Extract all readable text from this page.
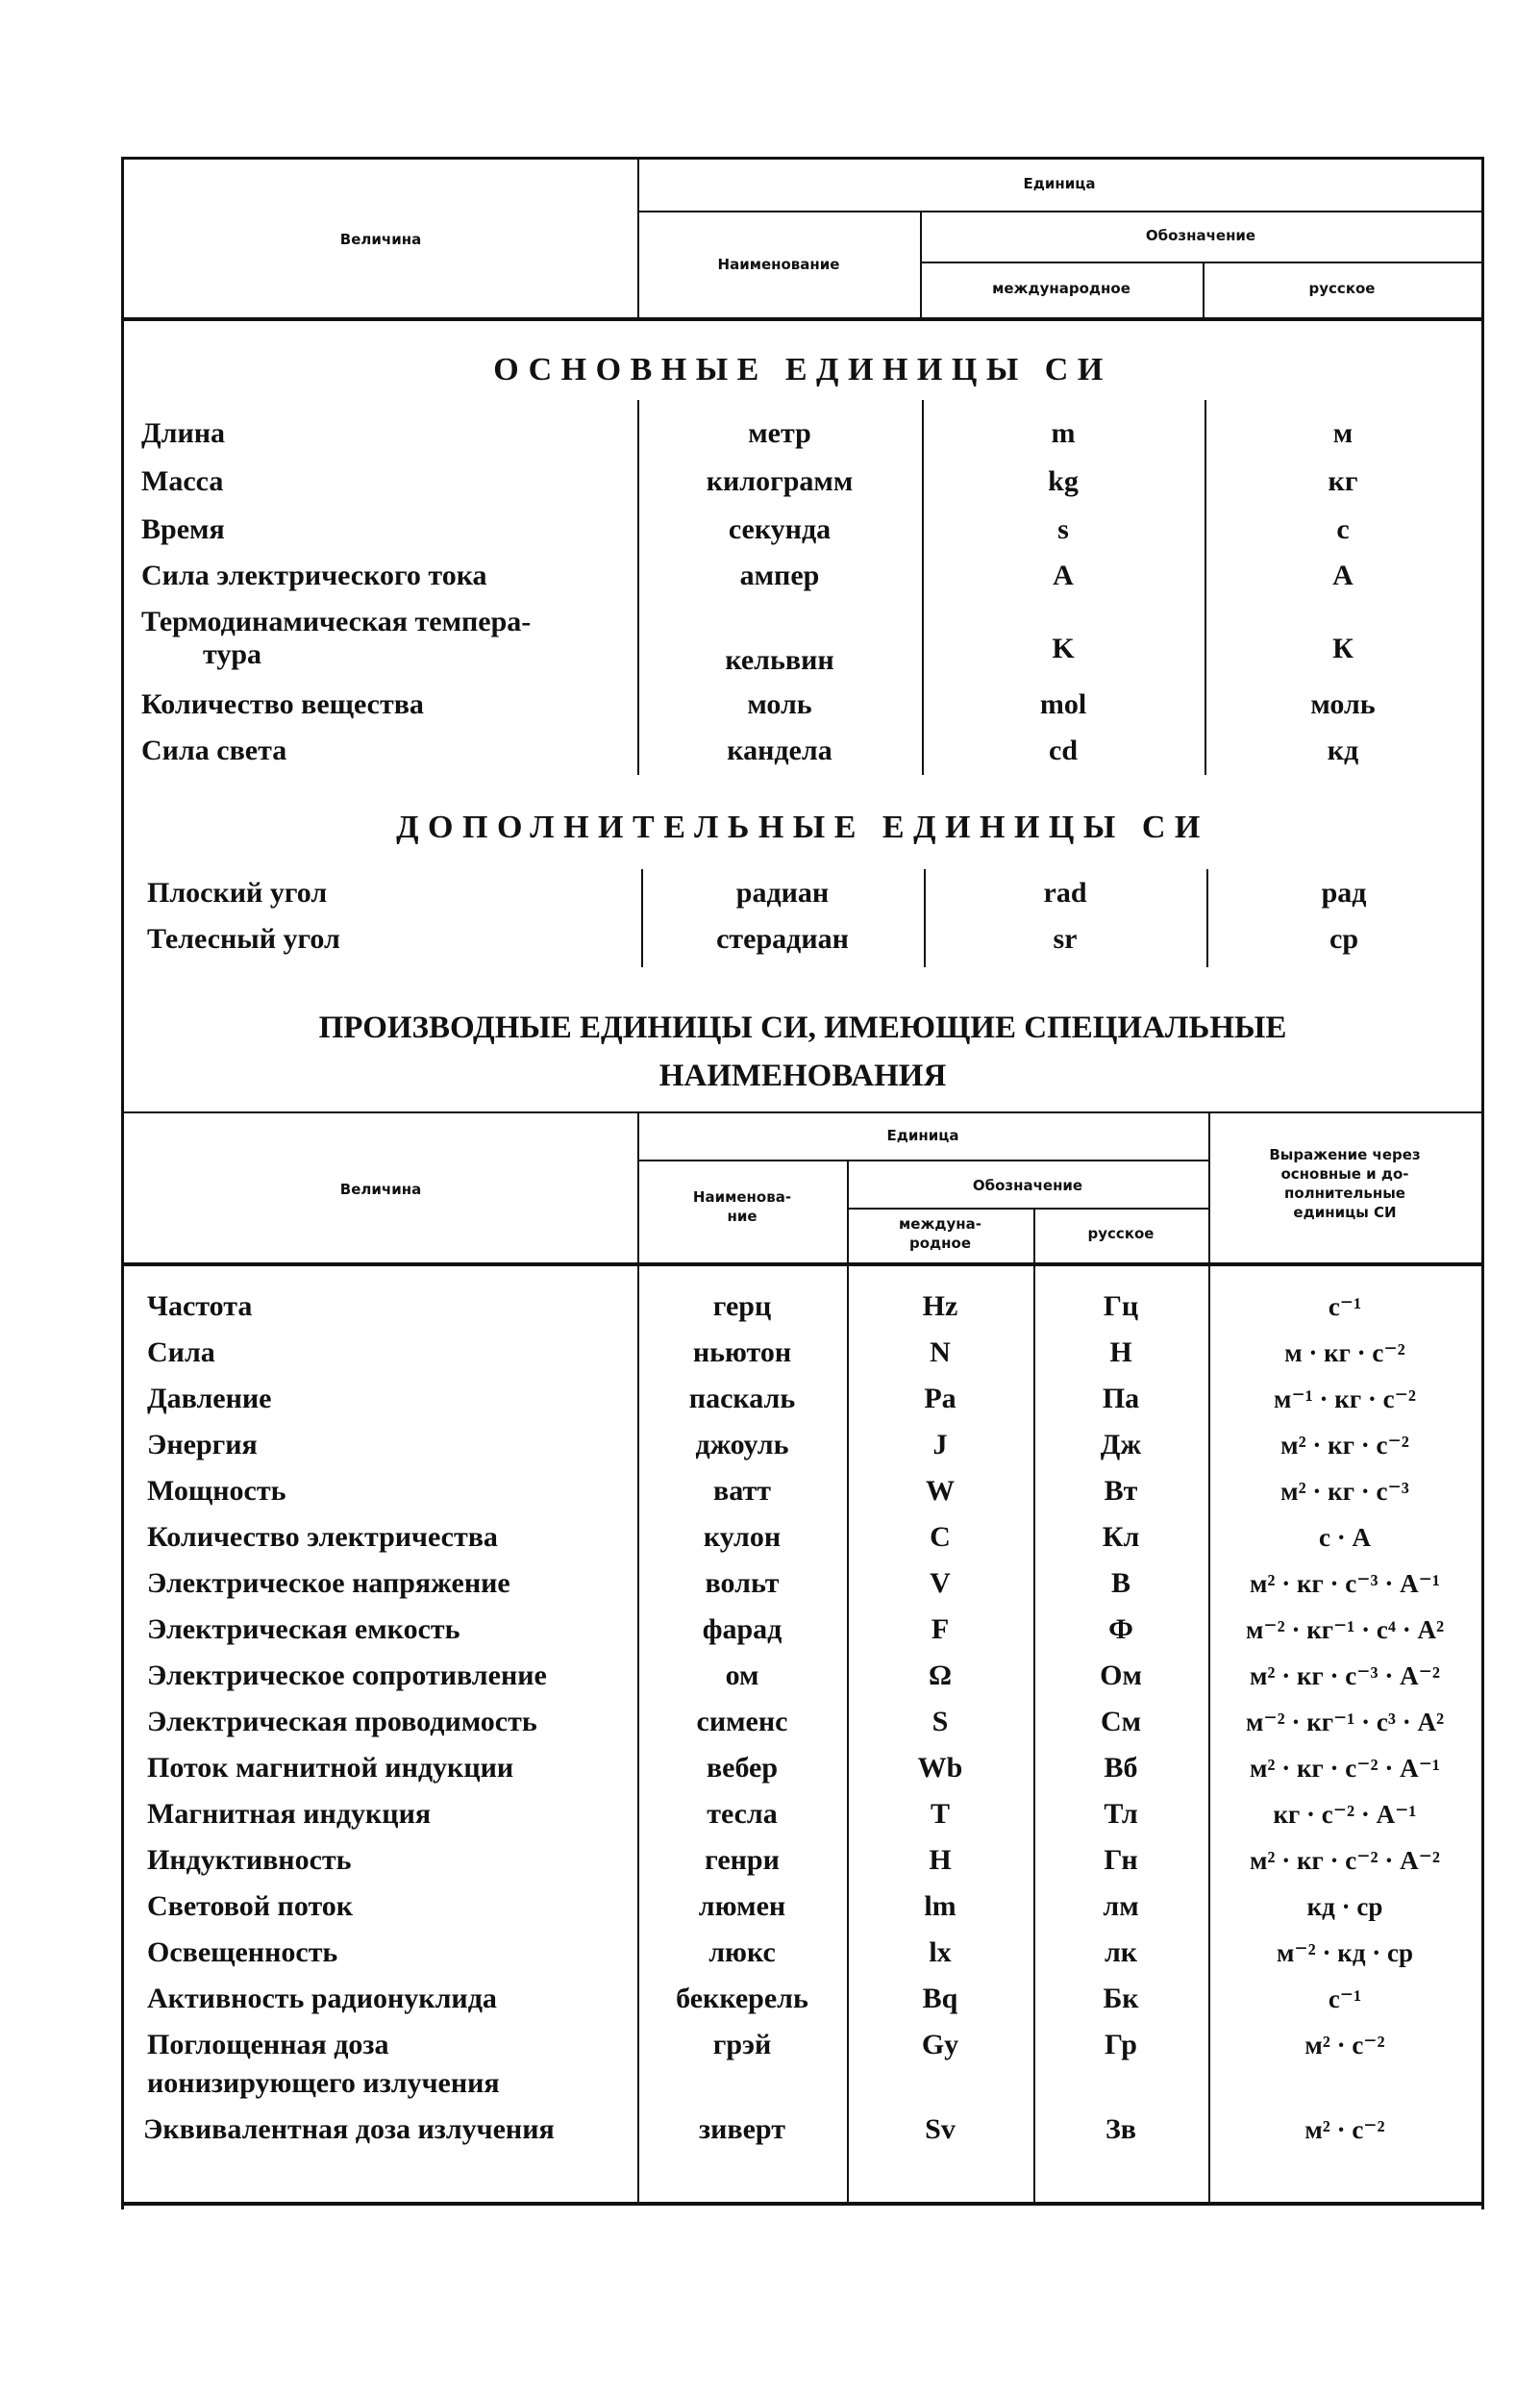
Величина
Единица
Наименование
Обозначение
международное	русское
ОСНОВНЫЕ ЕДИНИЦЫ СИ
Длина	метр	m	м
Масса	килограмм	kg	кг
Время	секунда	s	с
Сила электрического тока	ампер	A	А
Термодинамическая темпера-
тура	кельвин	K	К
Количество вещества	моль	mol	моль
Сила света	кандела	cd	кд
ДОПОЛНИТЕЛЬНЫЕ ЕДИНИЦЫ СИ
Плоский угол	радиан	rad	рад
Телесный угол	стерадиан	sr	ср
ПРОИЗВОДНЫЕ ЕДИНИЦЫ СИ, ИМЕЮЩИЕ СПЕЦИАЛЬНЫЕ
НАИМЕНОВАНИЯ
Величина
Единица
Наименова-
ние
Обозначение
междуна-
родное
русское
Выражение через
основные и до-
полнительные
единицы СИ
Частота	герц	Hz	Гц	с⁻¹
Сила	ньютон	N	Н	м · кг · с⁻²
Давление	паскаль	Pa	Па	м⁻¹ · кг · с⁻²
Энергия	джоуль	J	Дж	м² · кг · с⁻²
Мощность	ватт	W	Вт	м² · кг · с⁻³
Количество электричества	кулон	C	Кл	с · А
Электрическое напряжение	вольт	V	В	м² · кг · с⁻³ · А⁻¹
Электрическая емкость	фарад	F	Ф	м⁻² · кг⁻¹ · с⁴ · А²
Электрическое сопротивление	ом	Ω	Ом	м² · кг · с⁻³ · А⁻²
Электрическая проводимость	сименс	S	См	м⁻² · кг⁻¹ · с³ · А²
Поток магнитной индукции	вебер	Wb	Вб	м² · кг · с⁻² · А⁻¹
Магнитная индукция	тесла	T	Тл	кг · с⁻² · А⁻¹
Индуктивность	генри	H	Гн	м² · кг · с⁻² · А⁻²
Световой поток	люмен	lm	лм	кд · ср
Освещенность	люкс	lx	лк	м⁻² · кд · ср
Активность радионуклида	беккерель	Bq	Бк	с⁻¹
Поглощенная доза	грэй	Gy	Гр	м² · с⁻²
ионизирующего излучения
Эквивалентная доза излучения	зиверт	Sv	Зв	м² · с⁻²
